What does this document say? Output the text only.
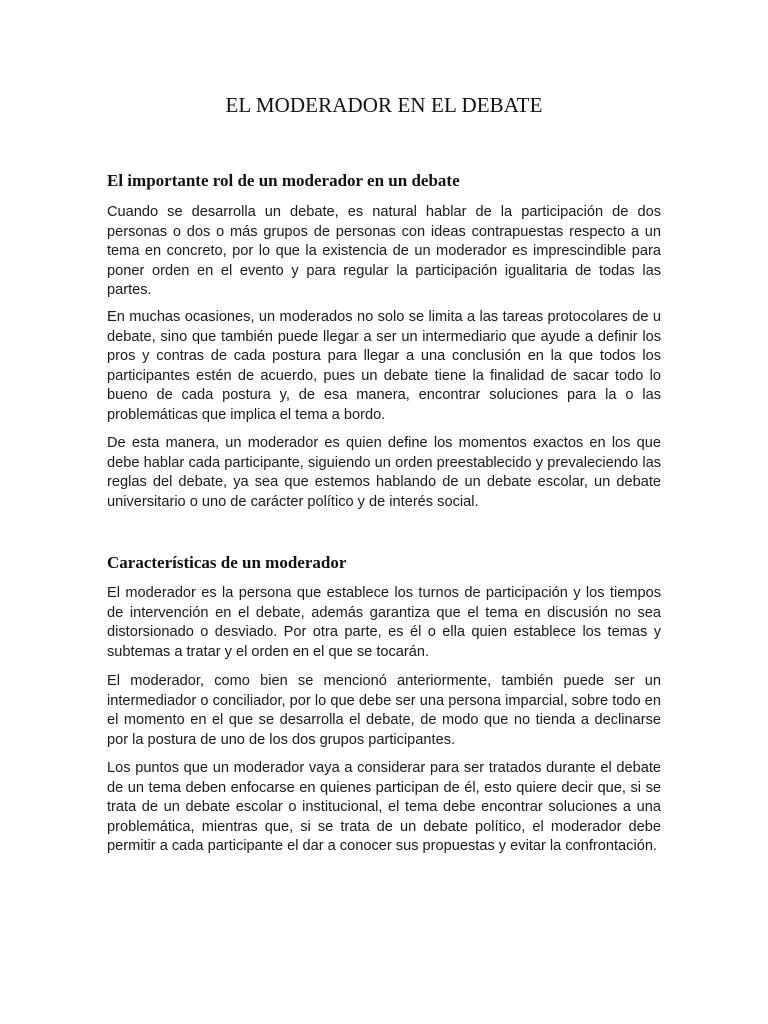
EL MODERADOR EN EL DEBATE
El importante rol de un moderador en un debate

Cuando se desarrolla un debate, es natural hablar de la participación de dos personas o dos o más grupos de personas con ideas contrapuestas respecto a un tema en concreto, por lo que la existencia de un moderador es imprescindible para poner orden en el evento y para regular la participación igualitaria de todas las partes.

En muchas ocasiones, un moderados no solo se limita a las tareas protocolares de u debate, sino que también puede llegar a ser un intermediario que ayude a definir los pros y contras de cada postura para llegar a una conclusión en la que todos los participantes estén de acuerdo, pues un debate tiene la finalidad de sacar todo lo bueno de cada postura y, de esa manera, encontrar soluciones para la o las problemáticas que implica el tema a bordo.

De esta manera, un moderador es quien define los momentos exactos en los que debe hablar cada participante, siguiendo un orden preestablecido y prevaleciendo las reglas del debate, ya sea que estemos hablando de un debate escolar, un debate universitario o uno de carácter político y de interés social.

Características de un moderador

El moderador es la persona que establece los turnos de participación y los tiempos de intervención en el debate, además garantiza que el tema en discusión no sea distorsionado o desviado. Por otra parte, es él o ella quien establece los temas y subtemas a tratar y el orden en el que se tocarán.

El moderador, como bien se mencionó anteriormente, también puede ser un intermediador o conciliador, por lo que debe ser una persona imparcial, sobre todo en el momento en el que se desarrolla el debate, de modo que no tienda a declinarse por la postura de uno de los dos grupos participantes.

Los puntos que un moderador vaya a considerar para ser tratados durante el debate de un tema deben enfocarse en quienes participan de él, esto quiere decir que, si se trata de un debate escolar o institucional, el tema debe encontrar soluciones a una problemática, mientras que, si se trata de un debate político, el moderador debe permitir a cada participante el dar a conocer sus propuestas y evitar la confrontación.
